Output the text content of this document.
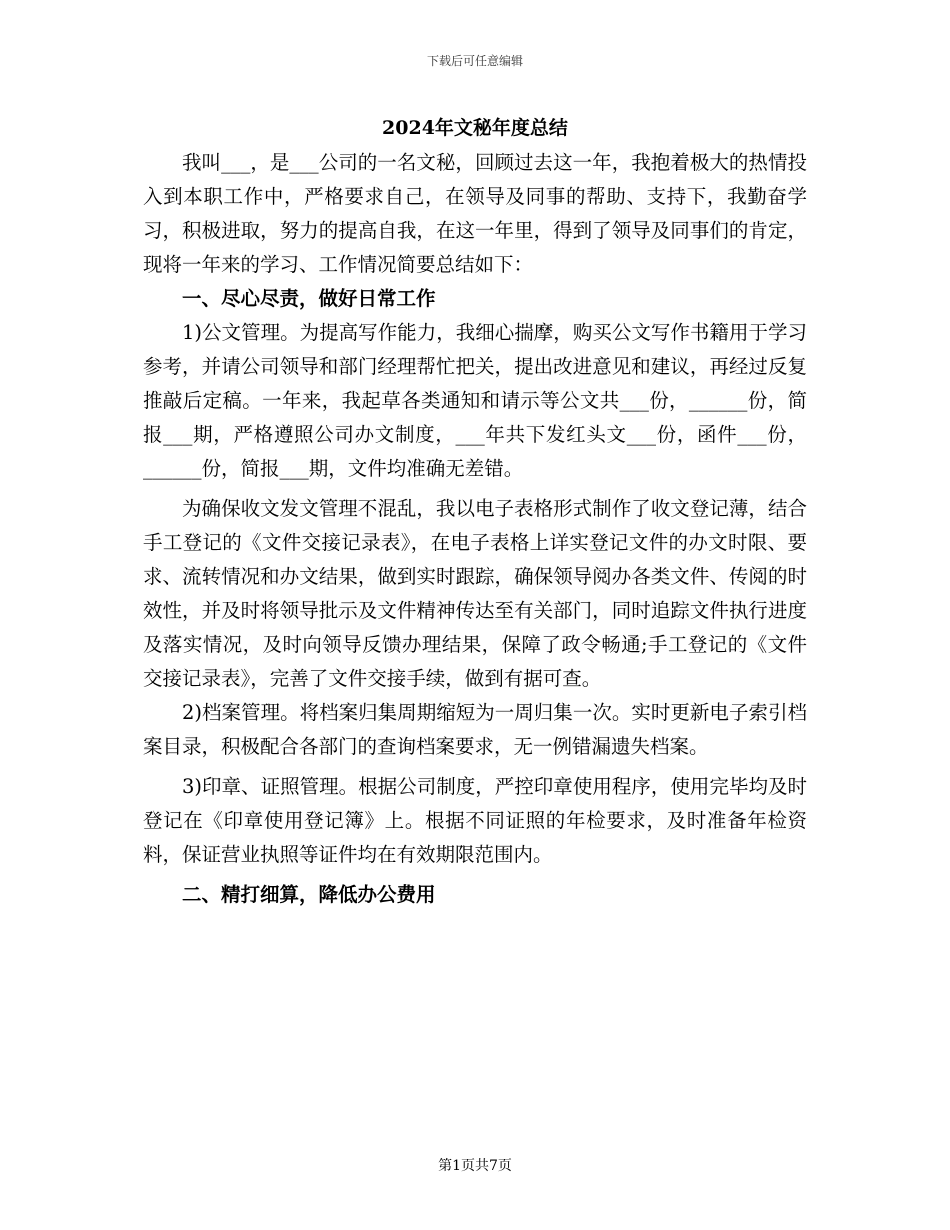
下载后可任意编辑
2024年文秘年度总结

我叫___，是___公司的一名文秘，回顾过去这一年，我抱着极大的热情投入到本职工作中，严格要求自己，在领导及同事的帮助、支持下，我勤奋学习，积极进取，努力的提高自我，在这一年里，得到了领导及同事们的肯定，现将一年来的学习、工作情况简要总结如下：

一、尽心尽责，做好日常工作

1)公文管理。为提高写作能力，我细心揣摩，购买公文写作书籍用于学习参考，并请公司领导和部门经理帮忙把关，提出改进意见和建议，再经过反复推敲后定稿。一年来，我起草各类通知和请示等公文共___份，______份，简报___期，严格遵照公司办文制度，___年共下发红头文___份，函件___份，______份，简报___期，文件均准确无差错。

为确保收文发文管理不混乱，我以电子表格形式制作了收文登记薄，结合手工登记的《文件交接记录表》，在电子表格上详实登记文件的办文时限、要求、流转情况和办文结果，做到实时跟踪，确保领导阅办各类文件、传阅的时效性，并及时将领导批示及文件精神传达至有关部门，同时追踪文件执行进度及落实情况，及时向领导反馈办理结果，保障了政令畅通;手工登记的《文件交接记录表》，完善了文件交接手续，做到有据可查。

2)档案管理。将档案归集周期缩短为一周归集一次。实时更新电子索引档案目录，积极配合各部门的查询档案要求，无一例错漏遗失档案。

3)印章、证照管理。根据公司制度，严控印章使用程序，使用完毕均及时登记在《印章使用登记簿》上。根据不同证照的年检要求，及时准备年检资料，保证营业执照等证件均在有效期限范围内。

二、精打细算，降低办公费用

第1页共7页
